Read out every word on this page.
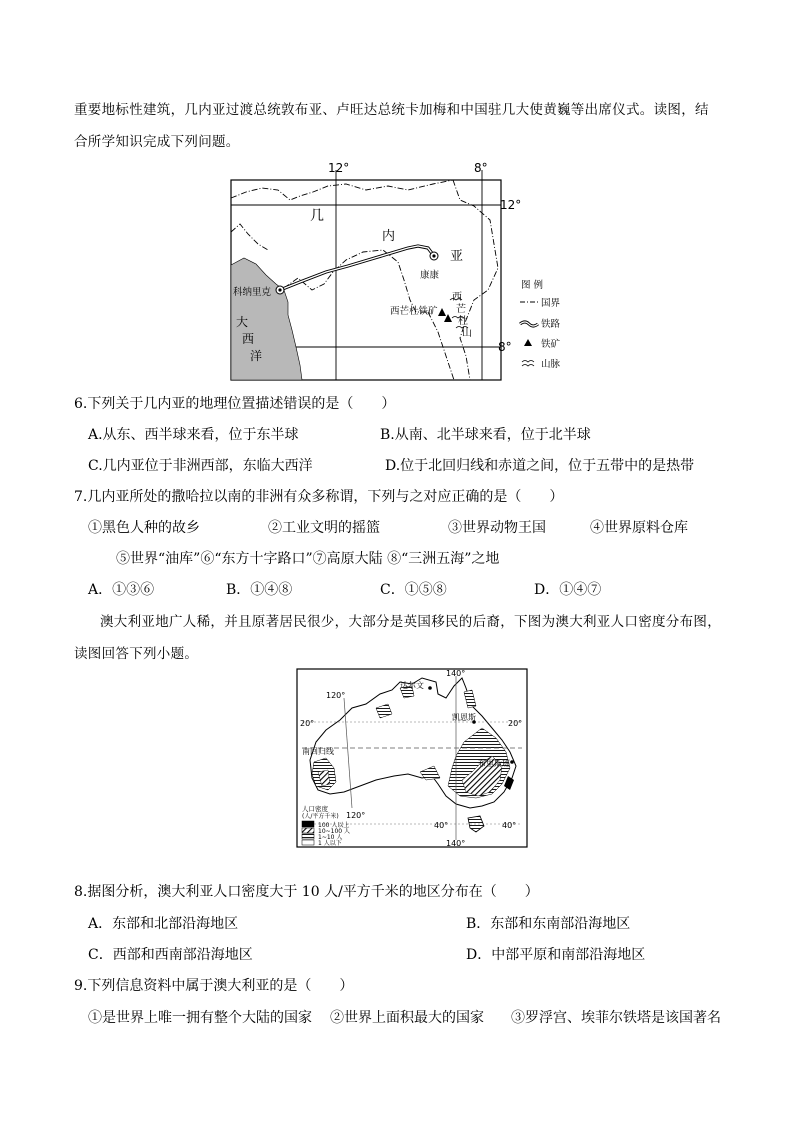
重要地标性建筑，几内亚过渡总统敦布亚、卢旺达总统卡加梅和中国驻几大使黄巍等出席仪式。读图，结
合所学知识完成下列问题。
12°	8°
12°
8°
几
内
亚
大
西
洋
科纳里克
康康
西芒杜铁矿
西
芒
杜
山
图 例
国界
铁路
铁矿
山脉
6.下列关于几内亚的地理位置描述错误的是（　　）
A.从东、西半球来看，位于东半球	B.从南、北半球来看，位于北半球
C.几内亚位于非洲西部，东临大西洋	D.位于北回归线和赤道之间，位于五带中的是热带
7.几内亚所处的撒哈拉以南的非洲有众多称谓，下列与之对应正确的是（　　）
①黑色人种的故乡	②工业文明的摇篮	③世界动物王国	④世界原料仓库
⑤世界“油库”⑥“东方十字路口”⑦高原大陆 ⑧“三洲五海”之地
A．①③⑥	B．①④⑧	C．①⑤⑧	D．①④⑦
澳大利亚地广人稀，并且原著居民很少，大部分是英国移民的后裔，下图为澳大利亚人口密度分布图，
读图回答下列小题。
140°
120°
20°	20°
南回归线
120°
40°	40°
140°
达尔文
凯恩斯
布里斯班
人口密度
(人/平方千米)
100 人以上
10~100 人
1~10 人
1 人以下
8.据图分析，澳大利亚人口密度大于 10 人/平方千米的地区分布在（　　）
A．东部和北部沿海地区	B．东部和东南部沿海地区
C．西部和西南部沿海地区	D．中部平原和南部沿海地区
9.下列信息资料中属于澳大利亚的是（　　）
①是世界上唯一拥有整个大陆的国家 ②世界上面积最大的国家 ③罗浮宫、埃菲尔铁塔是该国著名
